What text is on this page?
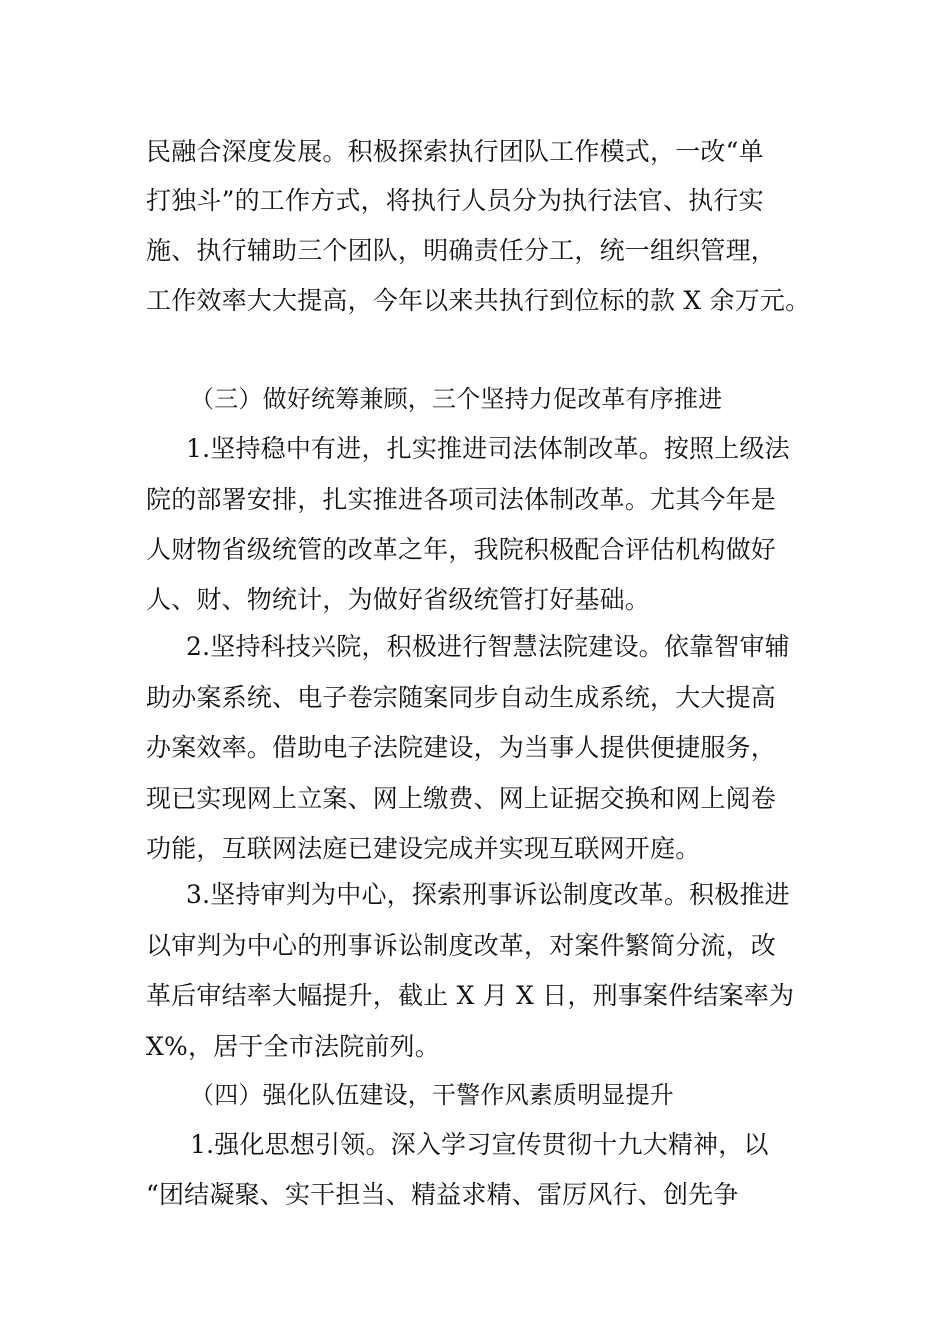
民融合深度发展。积极探索执行团队工作模式，一改“单
打独斗”的工作方式，将执行人员分为执行法官、执行实
施、执行辅助三个团队，明确责任分工，统一组织管理，
工作效率大大提高，今年以来共执行到位标的款 X 余万元。
（三）做好统筹兼顾，三个坚持力促改革有序推进
1.坚持稳中有进，扎实推进司法体制改革。按照上级法
院的部署安排，扎实推进各项司法体制改革。尤其今年是
人财物省级统管的改革之年，我院积极配合评估机构做好
人、财、物统计，为做好省级统管打好基础。
2.坚持科技兴院，积极进行智慧法院建设。依靠智审辅
助办案系统、电子卷宗随案同步自动生成系统，大大提高
办案效率。借助电子法院建设，为当事人提供便捷服务，
现已实现网上立案、网上缴费、网上证据交换和网上阅卷
功能，互联网法庭已建设完成并实现互联网开庭。
3.坚持审判为中心，探索刑事诉讼制度改革。积极推进
以审判为中心的刑事诉讼制度改革，对案件繁简分流，改
革后审结率大幅提升，截止 X 月 X 日，刑事案件结案率为
X%，居于全市法院前列。
（四）强化队伍建设，干警作风素质明显提升
1.强化思想引领。深入学习宣传贯彻十九大精神，以
“团结凝聚、实干担当、精益求精、雷厉风行、创先争
